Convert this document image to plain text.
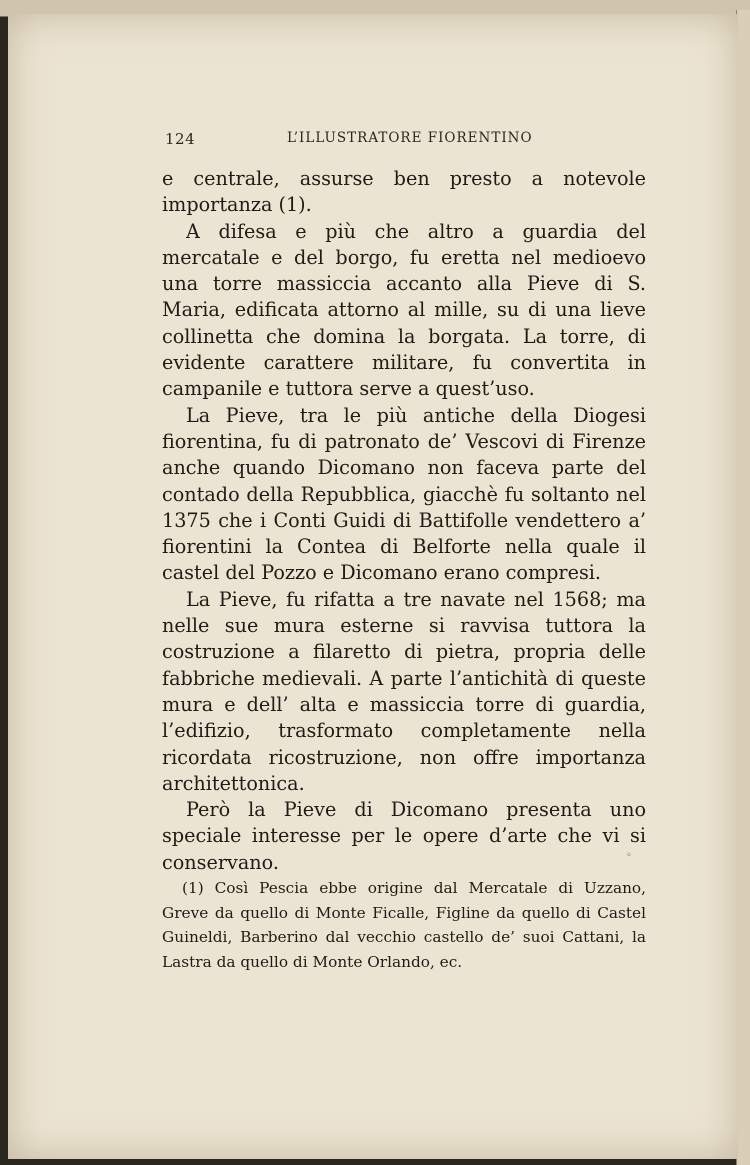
124	L’ILLUSTRATORE FIORENTINO

e centrale, assurse ben presto a notevole importanza (1).

A difesa e più che altro a guardia del mercatale e del borgo, fu eretta nel medioevo una torre massiccia accanto alla Pieve di S. Maria, edificata attorno al mille, su di una lieve collinetta che domina la borgata. La torre, di evidente carattere militare, fu convertita in campanile e tuttora serve a quest’uso.

La Pieve, tra le più antiche della Diogesi fiorentina, fu di patronato de’ Vescovi di Firenze anche quando Dicomano non faceva parte del contado della Repubblica, giacchè fu soltanto nel 1375 che i Conti Guidi di Battifolle vendettero a’ fiorentini la Contea di Belforte nella quale il castel del Pozzo e Dicomano erano compresi.

La Pieve, fu rifatta a tre navate nel 1568; ma nelle sue mura esterne si ravvisa tuttora la costruzione a filaretto di pietra, propria delle fabbriche medievali. A parte l’antichità di queste mura e dell’ alta e massiccia torre di guardia, l’edifizio, trasformato completamente nella ricordata ricostruzione, non offre importanza architettonica.

Però la Pieve di Dicomano presenta uno speciale interesse per le opere d’arte che vi si conservano.	◦

(1) Così Pescia ebbe origine dal Mercatale di Uzzano, Greve da quello di Monte Ficalle, Figline da quello di Castel Guineldi, Barberino dal vecchio castello de’ suoi Cattani, la Lastra da quello di Monte Orlando, ec.
